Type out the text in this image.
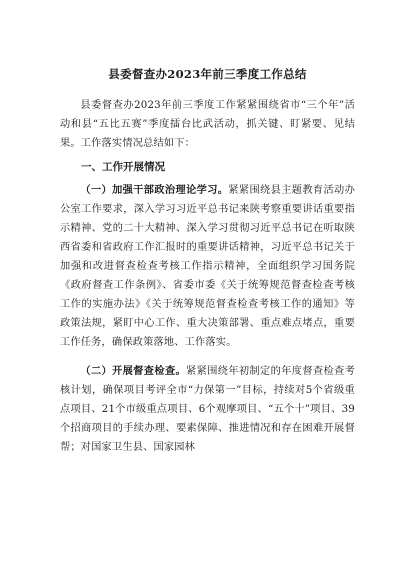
县委督查办2023年前三季度工作总结

县委督查办2023年前三季度工作紧紧围绕省市“三个年”活动和县“五比五赛”季度擂台比武活动，抓关键、盯紧要、见结果。工作落实情况总结如下：

一、工作开展情况

（一）加强干部政治理论学习。紧紧围绕县主题教育活动办公室工作要求，深入学习习近平总书记来陕考察重要讲话重要指示精神、党的二十大精神、深入学习贯彻习近平总书记在听取陕西省委和省政府工作汇报时的重要讲话精神，习近平总书记关于加强和改进督查检查考核工作指示精神，全面组织学习国务院《政府督查工作条例》、省委市委《关于统筹规范督查检查考核工作的实施办法》《关于统筹规范督查检查考核工作的通知》等政策法规，紧盯中心工作、重大决策部署、重点难点堵点，重要工作任务，确保政策落地、工作落实。

（二）开展督查检查。紧紧围绕年初制定的年度督查检查考核计划，确保项目考评全市“力保第一”目标，持续对5个省级重点项目、21个市级重点项目、6个观摩项目、“五个十”项目、39个招商项目的手续办理、要素保障、推进情况和存在困难开展督帮；对国家卫生县、国家园林
